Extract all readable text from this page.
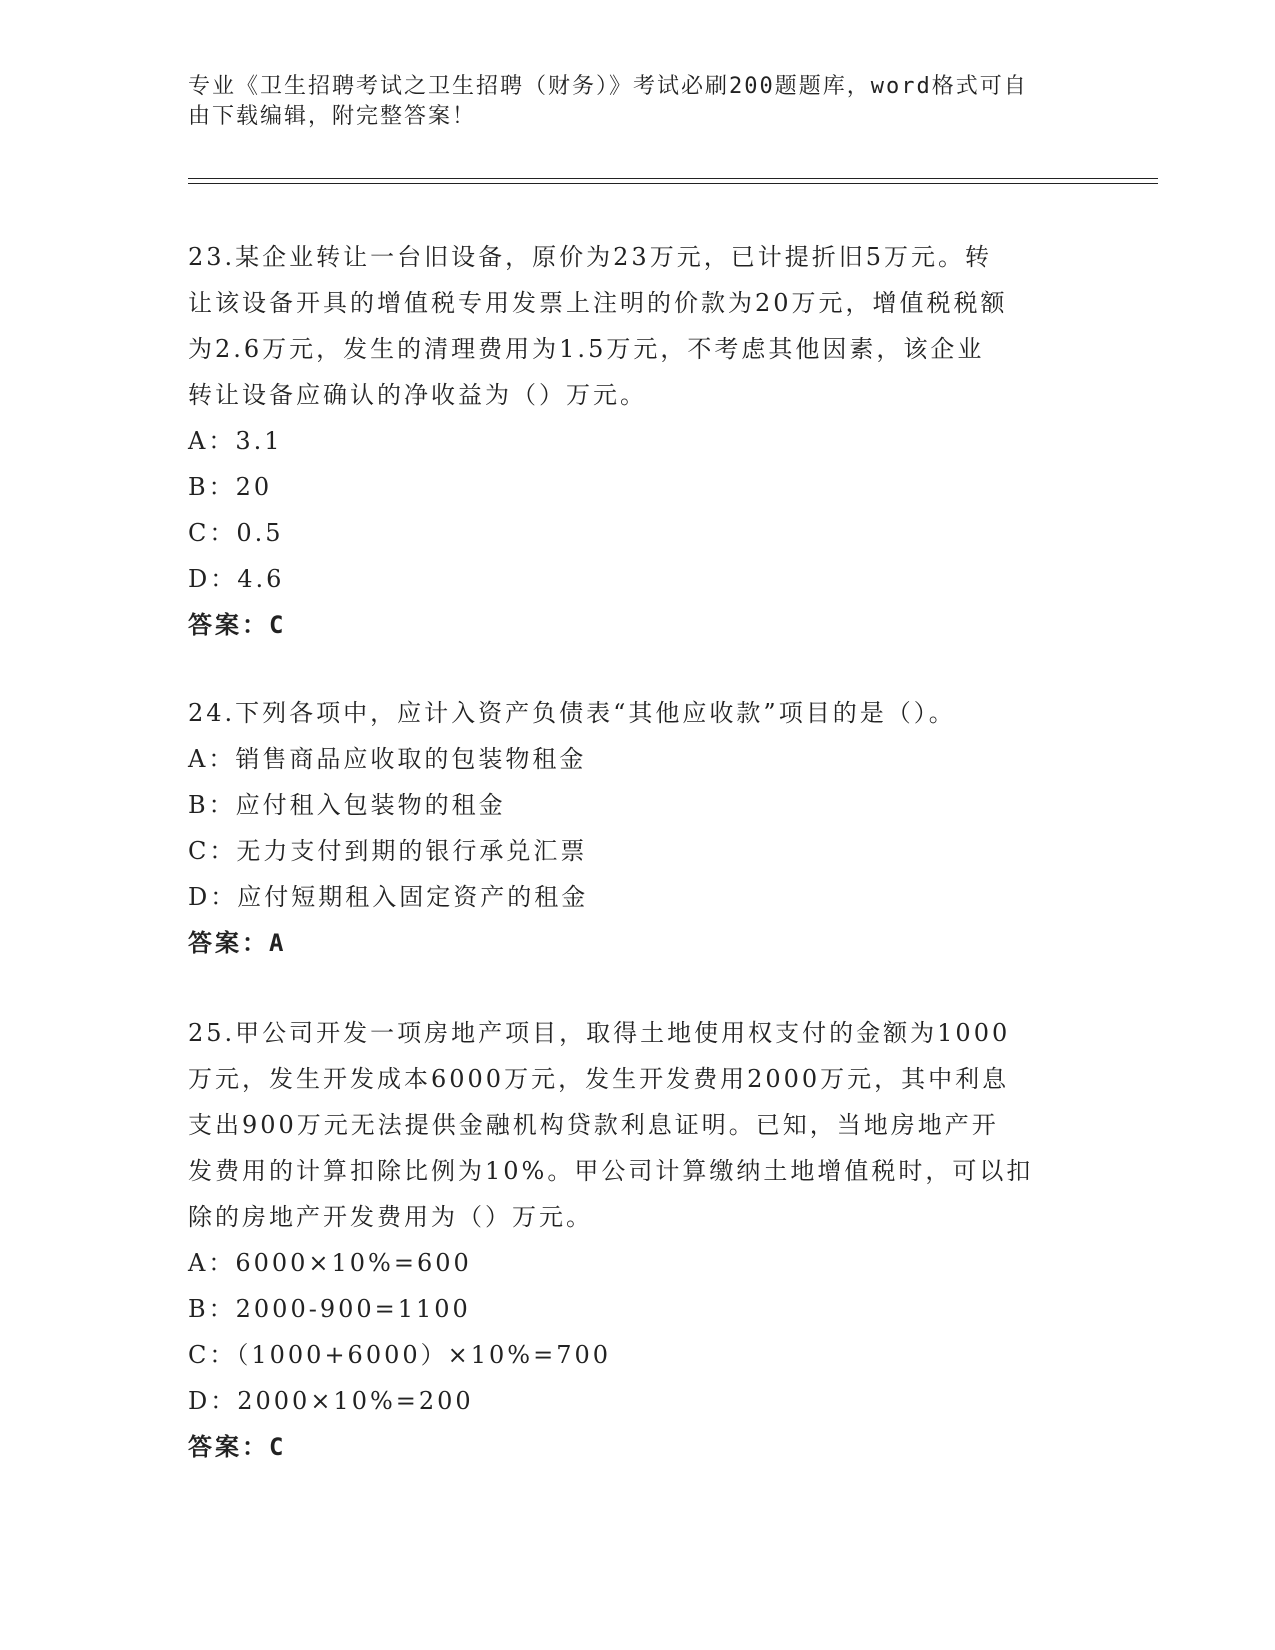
专业《卫生招聘考试之卫生招聘（财务）》考试必刷200题题库，word格式可自
由下载编辑，附完整答案！
23.某企业转让一台旧设备，原价为23万元，已计提折旧5万元。转
让该设备开具的增值税专用发票上注明的价款为20万元，增值税税额
为2.6万元，发生的清理费用为1.5万元，不考虑其他因素，该企业
转让设备应确认的净收益为（）万元。
A：3.1
B：20
C：0.5
D：4.6
答案：C
24.下列各项中，应计入资产负债表“其他应收款”项目的是（）。
A：销售商品应收取的包装物租金
B：应付租入包装物的租金
C：无力支付到期的银行承兑汇票
D：应付短期租入固定资产的租金
答案：A
25.甲公司开发一项房地产项目，取得土地使用权支付的金额为1000
万元，发生开发成本6000万元，发生开发费用2000万元，其中利息
支出900万元无法提供金融机构贷款利息证明。已知，当地房地产开
发费用的计算扣除比例为10%。甲公司计算缴纳土地增值税时，可以扣
除的房地产开发费用为（）万元。
A：6000×10%=600
B：2000-900=1100
C：（1000+6000）×10%=700
D：2000×10%=200
答案：C
